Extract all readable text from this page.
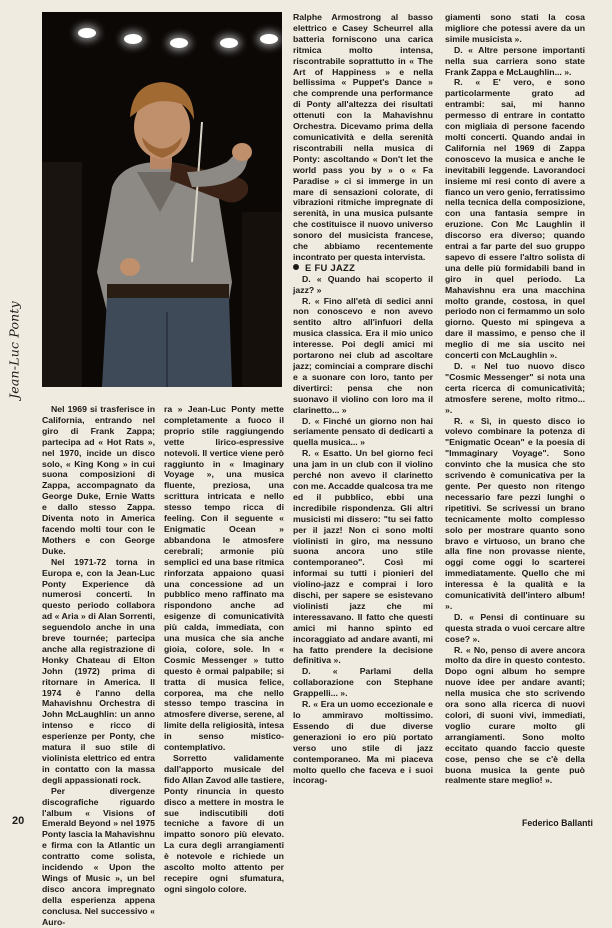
Jean-Luc Ponty

Nel 1969 si trasferisce in California, entrando nel giro di Frank Zappa; partecipa ad « Hot Rats », nel 1970, incide un disco solo, « King Kong » in cui suona composizioni di Zappa, accompagnato da George Duke, Ernie Watts e dallo stesso Zappa. Diventa noto in America facendo molti tour con le Mothers e con George Duke.

Nel 1971-72 torna in Europa e, con la Jean-Luc Ponty Experience dà numerosi concerti. In questo periodo collabora ad « Aria » di Alan Sorrenti, seguendolo anche in una breve tournée; partecipa anche alla registrazione di Honky Chateau di Elton John (1972) prima di ritornare in America. Il 1974 è l'anno della Mahavishnu Orchestra di John McLaughlin: un anno intenso e ricco di esperienze per Ponty, che matura il suo stile di violinista elettrico ed entra in contatto con la massa degli appassionati rock.

Per divergenze discografiche riguardo l'album « Visions of Emerald Beyond » nel 1975 Ponty lascia la Mahavishnu e firma con la Atlantic un contratto come solista, incidendo « Upon the Wings of Music », un bel disco ancora impregnato della esperienza appena conclusa. Nel successivo « Auro-

ra » Jean-Luc Ponty mette completamente a fuoco il proprio stile raggiungendo vette lirico-espressive notevoli. Il vertice viene però raggiunto in « Imaginary Voyage », una musica fluente, preziosa, una scrittura intricata e nello stesso tempo ricca di feeling. Con il seguente « Enigmatic Ocean » abbandona le atmosfere cerebrali; armonie più semplici ed una base ritmica rinforzata appaiono quasi una concessione ad un pubblico meno raffinato ma rispondono anche ad esigenze di comunicatività più calda, immediata, con una musica che sia anche gioia, colore, sole. In « Cosmic Messenger » tutto questo è ormai palpabile; si tratta di musica felice, corporea, ma che nello stesso tempo trascina in atmosfere diverse, serene, al limite della religiosità, intesa in senso mistico-contemplativo.

Sorretto validamente dall'apporto musicale del fido Allan Zavod alle tastiere, Ponty rinuncia in questo disco a mettere in mostra le sue indiscutibili doti tecniche a favore di un impatto sonoro più elevato. La cura degli arrangiamenti è notevole e richiede un ascolto molto attento per recepire ogni sfumatura, ogni singolo colore.

Ralphe Armostrong al basso elettrico e Casey Scheurrel alla batteria forniscono una carica ritmica molto intensa, riscontrabile soprattutto in « The Art of Happiness » e nella bellissima « Puppet's Dance » che comprende una performance di Ponty all'altezza dei risultati ottenuti con la Mahavishnu Orchestra. Dicevamo prima della comunicatività e della serenità riscontrabili nella musica di Ponty: ascoltando « Don't let the world pass you by » o « Fa Paradise » ci si immerge in un mare di sensazioni colorate, di vibrazioni ritmiche impregnate di serenità, in una musica pulsante che costituisce il nuovo universo sonoro del musicista francese, che abbiamo recentemente incontrato per questa intervista.

E FU JAZZ

D. « Quando hai scoperto il jazz? »

R. « Fino all'età di sedici anni non conoscevo e non avevo sentito altro all'infuori della musica classica. Era il mio unico interesse. Poi degli amici mi portarono nei club ad ascoltare jazz; cominciai a comprare dischi e a suonare con loro, tanto per divertirci: pensa che non suonavo il violino con loro ma il clarinetto... »

D. « Finché un giorno non hai seriamente pensato di dedicarti a quella musica... »

R. « Esatto. Un bel giorno feci una jam in un club con il violino perché non avevo il clarinetto con me. Accadde qualcosa tra me ed il pubblico, ebbi una incredibile rispondenza. Gli altri musicisti mi dissero: "tu sei fatto per il jazz! Non ci sono molti violinisti in giro, ma nessuno suona ancora uno stile contemporaneo". Così mi informai su tutti i pionieri del violino-jazz e comprai i loro dischi, per sapere se esistevano violinisti jazz che mi interessavano. Il fatto che questi amici mi hanno spinto ed incoraggiato ad andare avanti, mi ha fatto prendere la decisione definitiva ».

D. « Parlami della collaborazione con Stephane Grappelli... ».

R. « Era un uomo eccezionale e lo ammiravo moltissimo. Essendo di due diverse generazioni io ero più portato verso uno stile di jazz contemporaneo. Ma mi piaceva molto quello che faceva e i suoi incorag-

giamenti sono stati la cosa migliore che potessi avere da un simile musicista ».

D. « Altre persone importanti nella sua carriera sono state Frank Zappa e McLaughlin... ».

R. « E' vero, e sono particolarmente grato ad entrambi: sai, mi hanno permesso di entrare in contatto con migliaia di persone facendo molti concerti. Quando andai in California nel 1969 di Zappa conoscevo la musica e anche le inevitabili leggende. Lavorandoci insieme mi resi conto di avere a fianco un vero genio, ferratissimo nella tecnica della composizione, con una fantasia sempre in eruzione. Con Mc Laughlin il discorso era diverso; quando entrai a far parte del suo gruppo sapevo di essere l'altro solista di una delle più formidabili band in giro in quel periodo. La Mahavishnu era una macchina molto grande, costosa, in quel periodo non ci fermammo un solo giorno. Questo mi spingeva a dare il massimo, e penso che il meglio di me sia uscito nei concerti con McLaughlin ».

D. « Nel tuo nuovo disco "Cosmic Messenger" si nota una certa ricerca di comunicatività; atmosfere serene, molto ritmo... ».

R. « Sì, in questo disco io volevo combinare la potenza di "Enigmatic Ocean" e la poesia di "Immaginary Voyage". Sono convinto che la musica che sto scrivendo è comunicativa per la gente. Per questo non ritengo necessario fare pezzi lunghi o ripetitivi. Se scrivessi un brano tecnicamente molto complesso solo per mostrare quanto sono bravo e virtuoso, un brano che alla fine non provasse niente, oggi come oggi lo scarterei immediatamente. Quello che mi interessa è la qualità e la comunicatività dell'intero album! ».

D. « Pensi di continuare su questa strada o vuoi cercare altre cose? ».

R. « No, penso di avere ancora molto da dire in questo contesto. Dopo ogni album ho sempre nuove idee per andare avanti; nella musica che sto scrivendo ora sono alla ricerca di nuovi colori, di suoni vivi, immediati, voglio curare molto gli arrangiamenti. Sono molto eccitato quando faccio queste cose, penso che se c'è della buona musica la gente può realmente stare meglio! ».

Federico Ballanti
20
